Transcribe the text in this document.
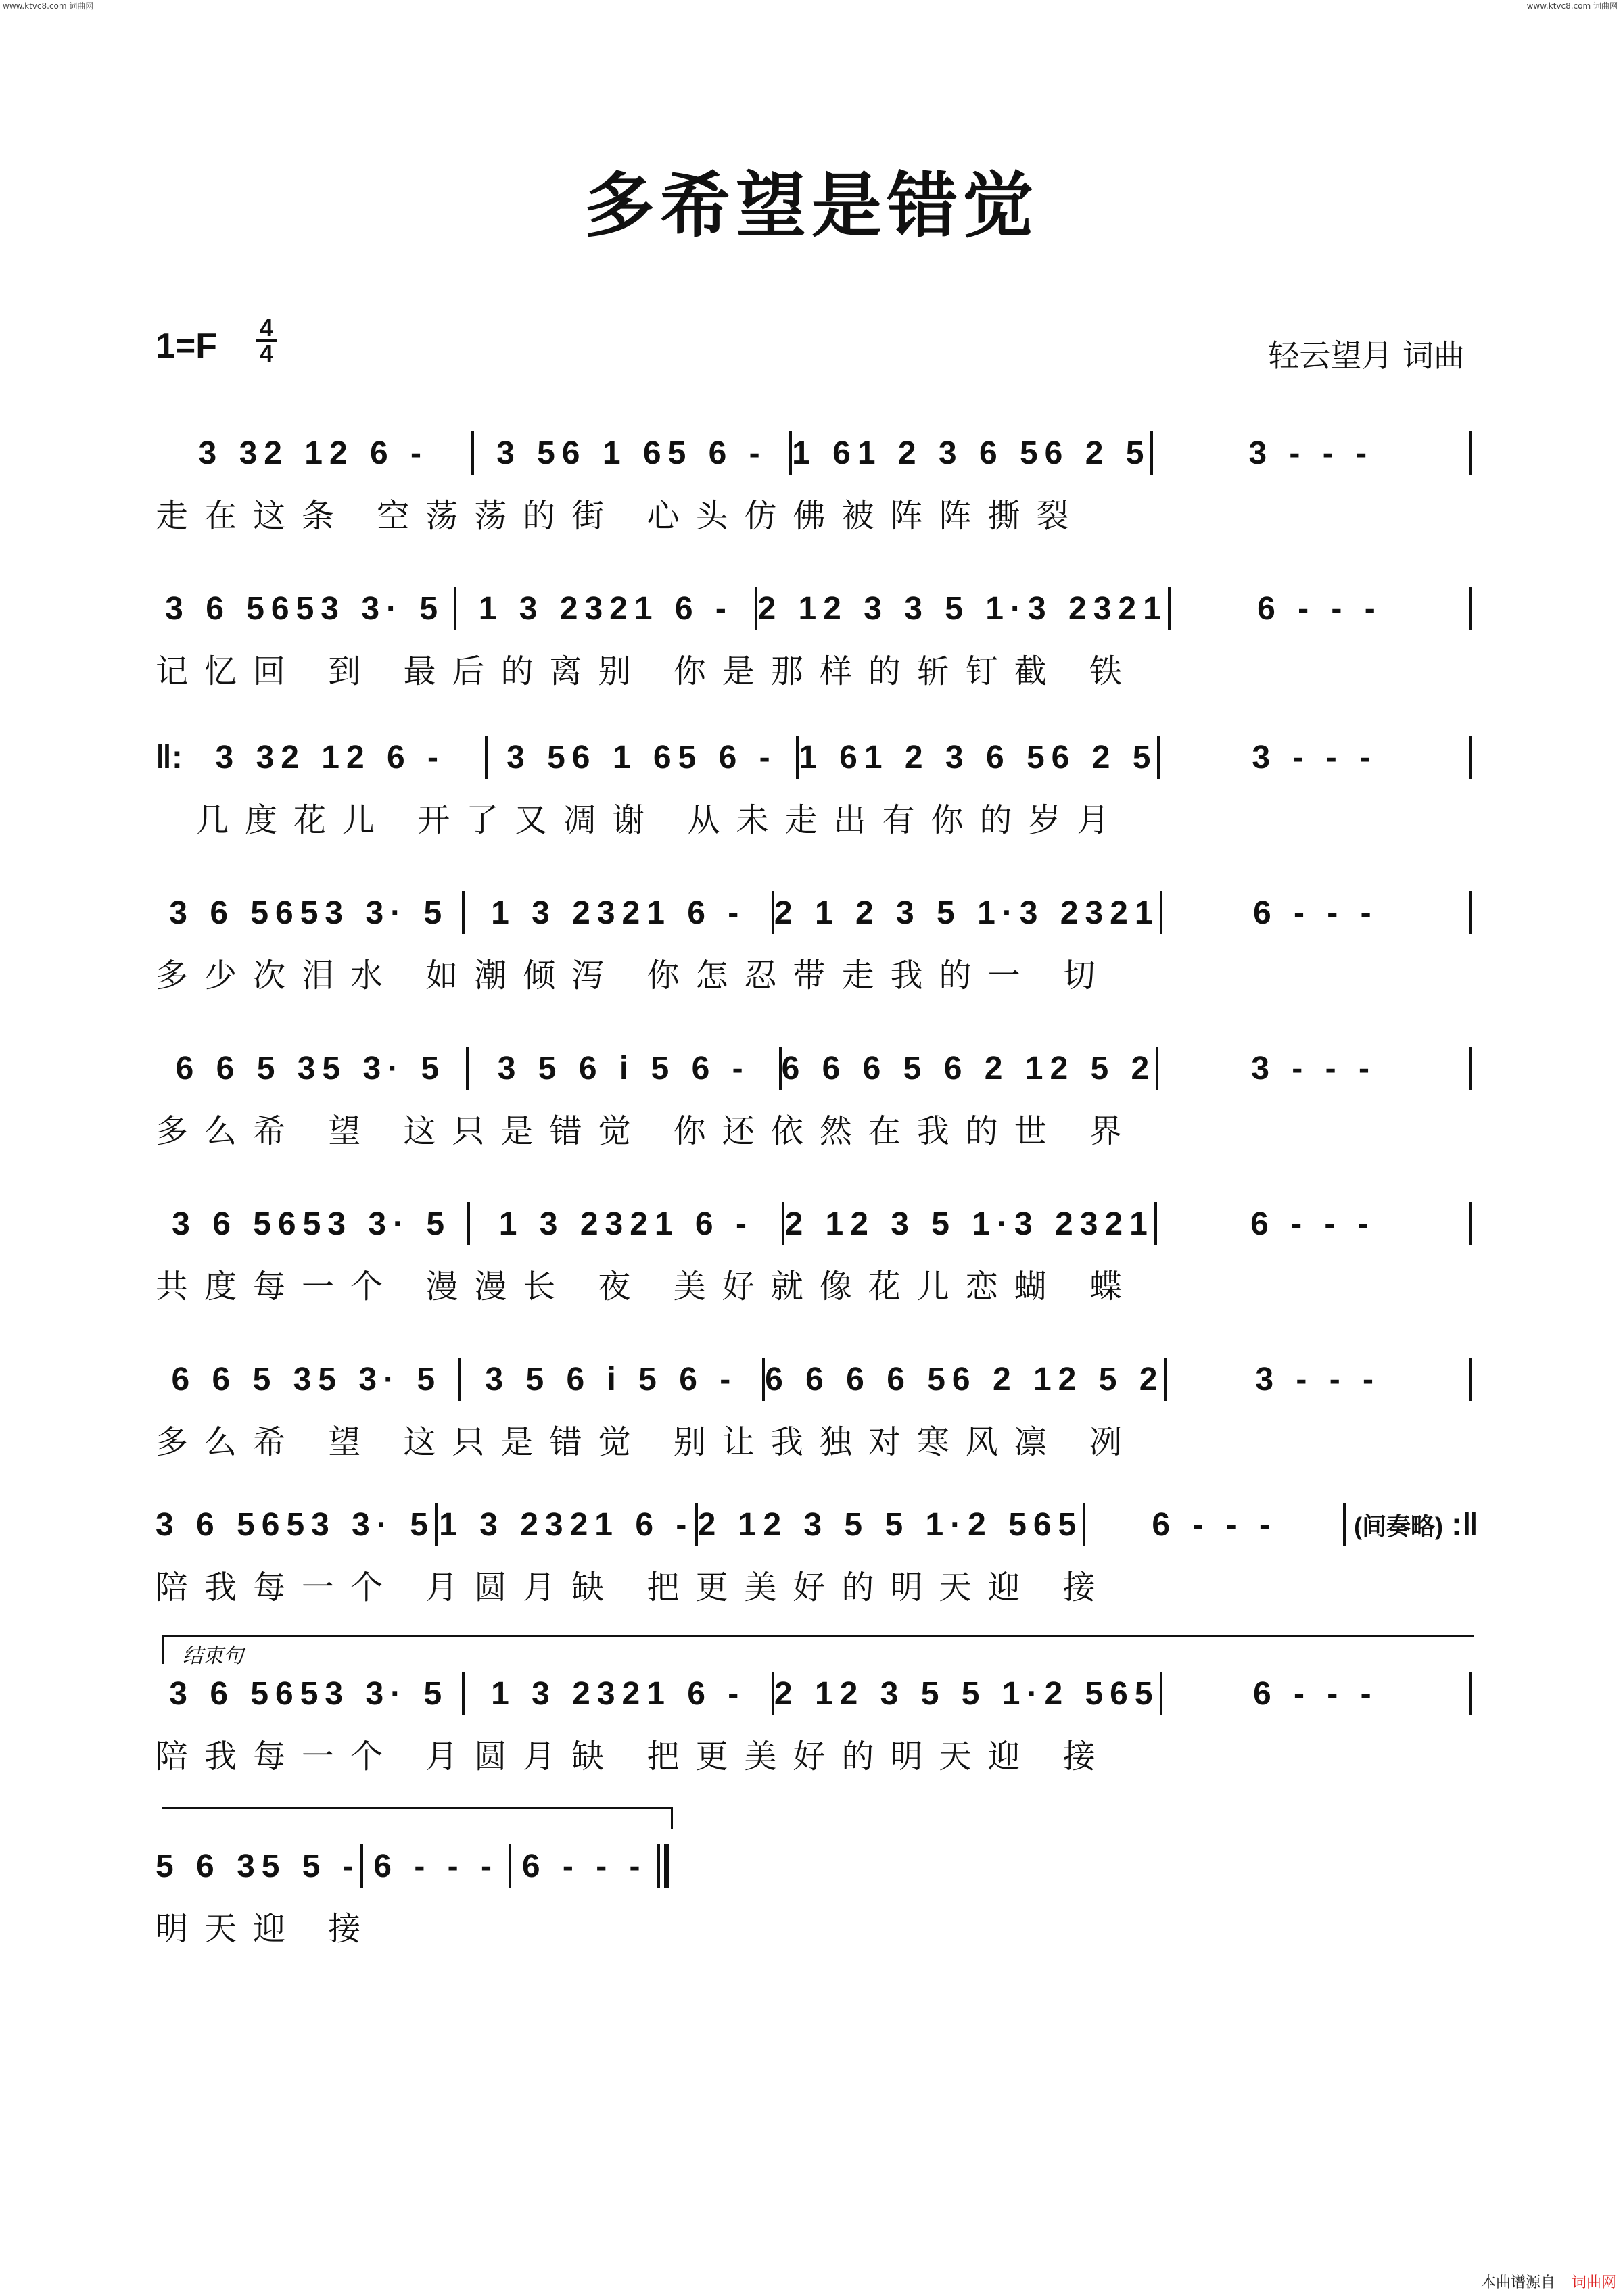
www.ktvc8.com 词曲网	www.ktvc8.com 词曲网
多希望是错觉
1=F 4
4	轻云望月 词曲
3 32 12 6 -	3 56 1 65 6 - 1 61 2 3 6 56 2 5	3 - - -
走在这条 空荡荡的街 心头仿佛被阵阵撕裂
3 6 5653 3· 5	1 3 2321 6 - 2 12 3 3 5 1·3 2321	6 - - -
记忆回 到 最后的离别 你是那样的斩钉截 铁
‖:	3 32 12 6 -	3 56 1 65 6 - 1 61 2 3 6 56 2 5	3 - - -
几度花儿 开了又凋谢 从未走出有你的岁月
3 6 5653 3· 5	1 3 2321 6 - 2 1 2 3 5 1·3 2321	6 - - -
多少次泪水 如潮倾泻 你怎忍带走我的一 切
6 6 5 35 3· 5	3 5 6 i 5 6 - 6 6 6 5 6 2 12 5 2	3 - - -
多么希 望 这只是错觉 你还依然在我的世 界
3 6 5653 3· 5	1 3 2321 6 - 2 12 3 5 1·3 2321	6 - - -
共度每一个 漫漫长 夜 美好就像花儿恋蝴 蝶
6 6 5 35 3· 5	3 5 6 i 5 6 - 6 6 6 6 56 2 12 5 2	3 - - -
多么希 望 这只是错觉 别让我独对寒风凛 冽
3 6 5653 3· 5 1 3 2321 6 - 2 12 3 5 5 1·2 565	6 - - -	(间奏略) :‖
陪我每一个 月圆月缺 把更美好的明天迎 接
结束句
3 6 5653 3· 5	1 3 2321 6 - 2 12 3 5 5 1·2 565	6 - - -
陪我每一个 月圆月缺 把更美好的明天迎 接
5 6 35 5 - 6 - - - 6 - - -
明天迎 接
本曲谱源自 词曲网
